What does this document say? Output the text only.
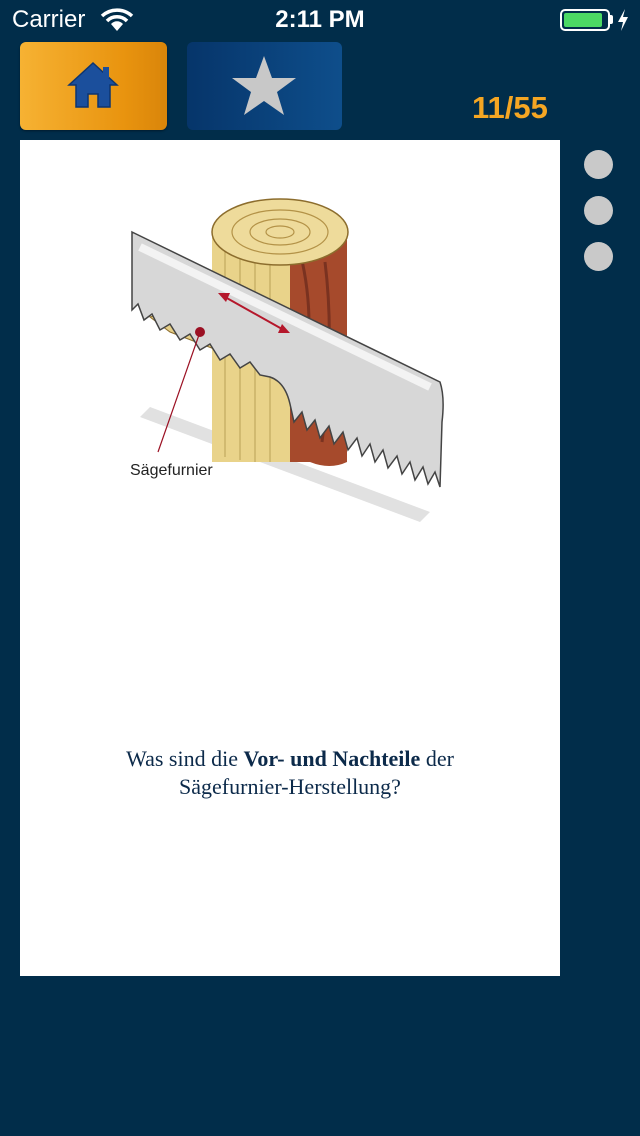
Carrier	2:11 PM
11/55
Sägefurnier
Was sind die Vor- und Nachteile der
Sägefurnier-Herstellung?
